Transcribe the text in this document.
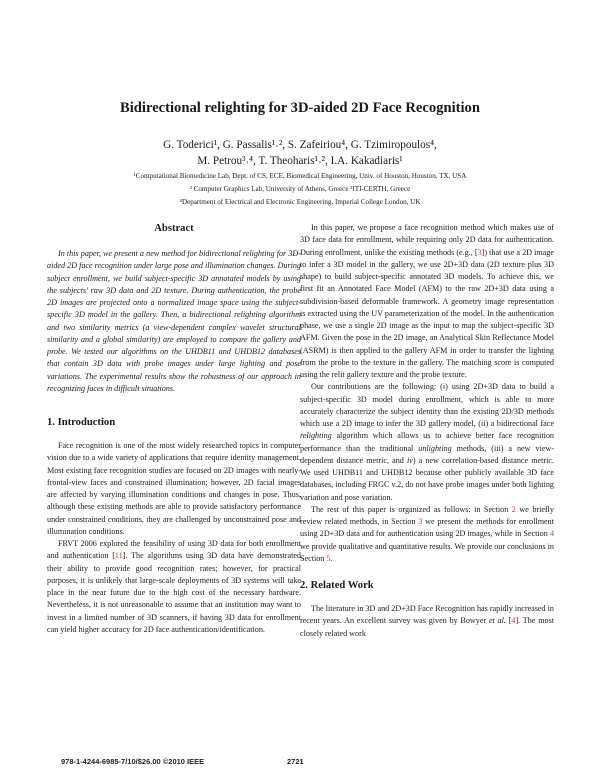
Bidirectional relighting for 3D-aided 2D Face Recognition
G. Toderici¹, G. Passalis¹˒², S. Zafeiriou⁴, G. Tzimiropoulos⁴,
M. Petrou³˒⁴, T. Theoharis¹˒², I.A. Kakadiaris¹
¹Computational Biomedicine Lab, Dept. of CS, ECE, Biomedical Engineering, Univ. of Houston, Houston, TX, USA
² Computer Graphics Lab, University of Athens, Greece ³ITI-CERTH, Greece
⁴Department of Electrical and Electronic Engineering, Imperial College London, UK
Abstract

In this paper, we present a new method for bidirectional relighting for 3D-aided 2D face recognition under large pose and illumination changes. During subject enrollment, we build subject-specific 3D annotated models by using the subjects' raw 3D data and 2D texture. During authentication, the probe 2D images are projected onto a normalized image space using the subject-specific 3D model in the gallery. Then, a bidirectional relighting algorithm and two similarity metrics (a view-dependent complex wavelet structural similarity and a global similarity) are employed to compare the gallery and probe. We tested our algorithms on the UHDB11 and UHDB12 databases that contain 3D data with probe images under large lighting and pose variations. The experimental results show the robustness of our approach in recognizing faces in difficult situations.

1. Introduction

Face recognition is one of the most widely researched topics in computer vision due to a wide variety of applications that require identity management. Most existing face recognition studies are focused on 2D images with nearly-frontal-view faces and constrained illumination; however, 2D facial images are affected by varying illumination conditions and changes in pose. Thus, although these existing methods are able to provide satisfactory performance under constrained conditions, they are challenged by unconstrained pose and illumination conditions.

FRVT 2006 explored the feasibility of using 3D data for both enrollment and authentication [11]. The algorithms using 3D data have demonstrated their ability to provide good recognition rates; however, for practical purposes, it is unlikely that large-scale deployments of 3D systems will take place in the near future due to the high cost of the necessary hardware. Nevertheless, it is not unreasonable to assume that an institution may want to invest in a limited number of 3D scanners, if having 3D data for enrollment can yield higher accuracy for 2D face authentication/identification.

In this paper, we propose a face recognition method which makes use of 3D face data for enrollment, while requiring only 2D data for authentication. During enrollment, unlike the existing methods (e.g., [3]) that use a 2D image to infer a 3D model in the gallery, we use 2D+3D data (2D texture plus 3D shape) to build subject-specific annotated 3D models. To achieve this, we first fit an Annotated Face Model (AFM) to the raw 2D+3D data using a subdivision-based deformable framework. A geometry image representation is extracted using the UV parameterization of the model. In the authentication phase, we use a single 2D image as the input to map the subject-specific 3D AFM. Given the pose in the 2D image, an Analytical Skin Reflectance Model (ASRM) is then applied to the gallery AFM in order to transfer the lighting from the probe to the texture in the gallery. The matching score is computed using the relit gallery texture and the probe texture.

Our contributions are the following: (i) using 2D+3D data to build a subject-specific 3D model during enrollment, which is able to more accurately characterize the subject identity than the existing 2D/3D methods which use a 2D image to infer the 3D gallery model, (ii) a bidirectional face relighting algorithm which allows us to achieve better face recognition performance than the traditional unlighting methods, (iii) a new view-dependent distance metric, and iv) a new correlation-based distance metric. We used UHDB11 and UHDB12 because other publicly available 3D face databases, including FRGC v.2, do not have probe images under both lighting variation and pose variation.

The rest of this paper is organized as follows: in Section 2 we briefly review related methods, in Section 3 we present the methods for enrollment using 2D+3D data and for authentication using 2D images, while in Section 4 we provide qualitative and quantitative results. We provide our conclusions in Section 5.

2. Related Work

The literature in 3D and 2D+3D Face Recognition has rapidly increased in recent years. An excellent survey was given by Bowyer et al. [4]. The most closely related work

978-1-4244-6985-7/10/$26.00 ©2010 IEEE	2721
